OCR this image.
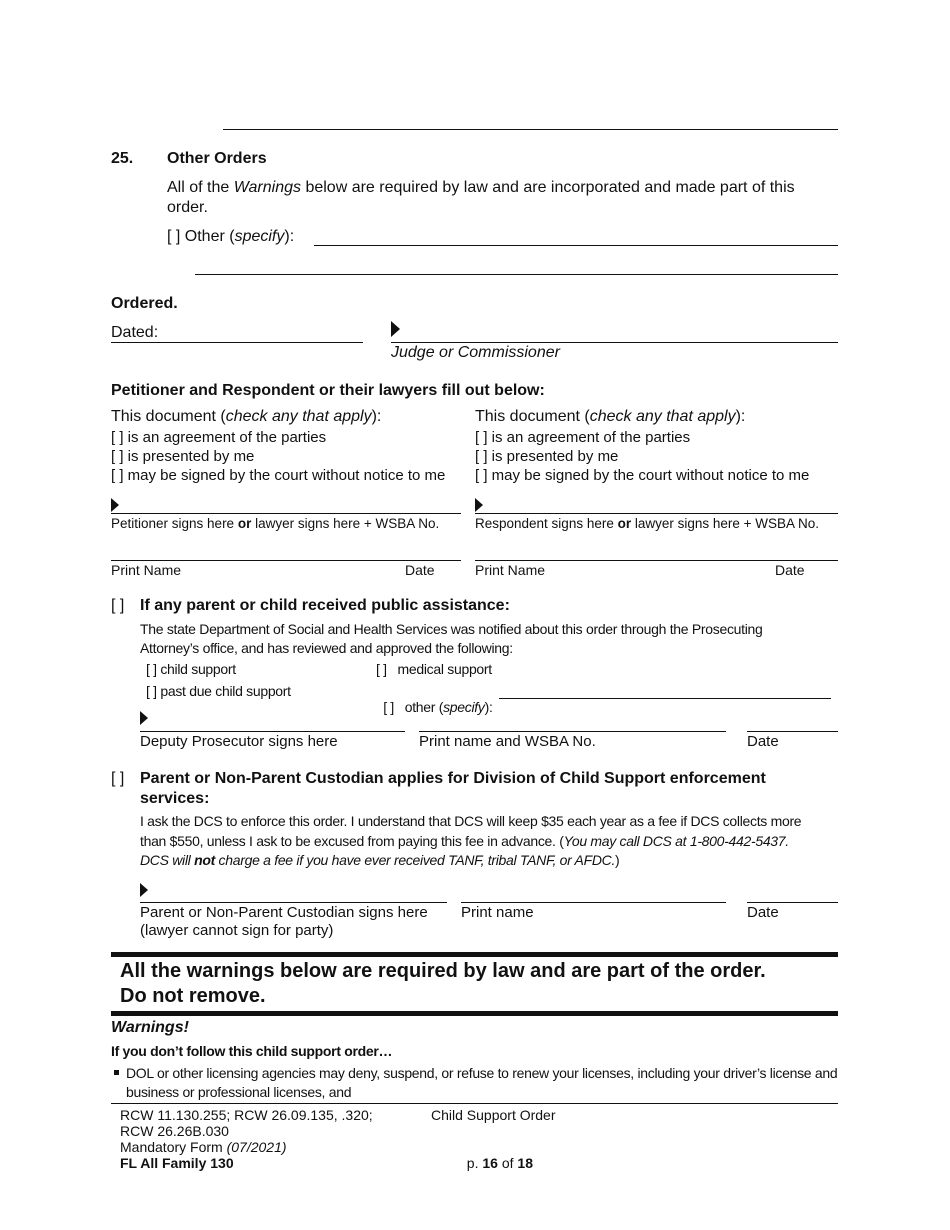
25. Other Orders
All of the Warnings below are required by law and are incorporated and made part of this
order.
[ ] Other (specify):
Ordered.
Dated:
Judge or Commissioner
Petitioner and Respondent or their lawyers fill out below:
This document (check any that apply):
[ ] is an agreement of the parties
[ ] is presented by me
[ ] may be signed by the court without notice to me
This document (check any that apply):
[ ] is an agreement of the parties
[ ] is presented by me
[ ] may be signed by the court without notice to me
Petitioner signs here or lawyer signs here + WSBA No.	Respondent signs here or lawyer signs here + WSBA No.
Print Name	Date	Print Name	Date
[ ] If any parent or child received public assistance:
The state Department of Social and Health Services was notified about this order through the Prosecuting
Attorney’s office, and has reviewed and approved the following:
[ ] child support
[ ] past due child support
[ ]   medical support

[ ]   other (specify):

Deputy Prosecutor signs here	Print name and WSBA No.	Date
[ ] Parent or Non-Parent Custodian applies for Division of Child Support enforcement
services:
I ask the DCS to enforce this order. I understand that DCS will keep $35 each year as a fee if DCS collects more
than $550, unless I ask to be excused from paying this fee in advance. (You may call DCS at 1-800-442-5437.
DCS will not charge a fee if you have ever received TANF, tribal TANF, or AFDC.)
Parent or Non-Parent Custodian signs here
(lawyer cannot sign for party)
Print name	Date
All the warnings below are required by law and are part of the order.
Do not remove.
Warnings!
If you don’t follow this child support order…
DOL or other licensing agencies may deny, suspend, or refuse to renew your licenses, including your driver’s license and
business or professional licenses, and
RCW 11.130.255; RCW 26.09.135, .320;
RCW 26.26B.030
Mandatory Form (07/2021)
FL All Family 130
Child Support Order

p. 16 of 18
